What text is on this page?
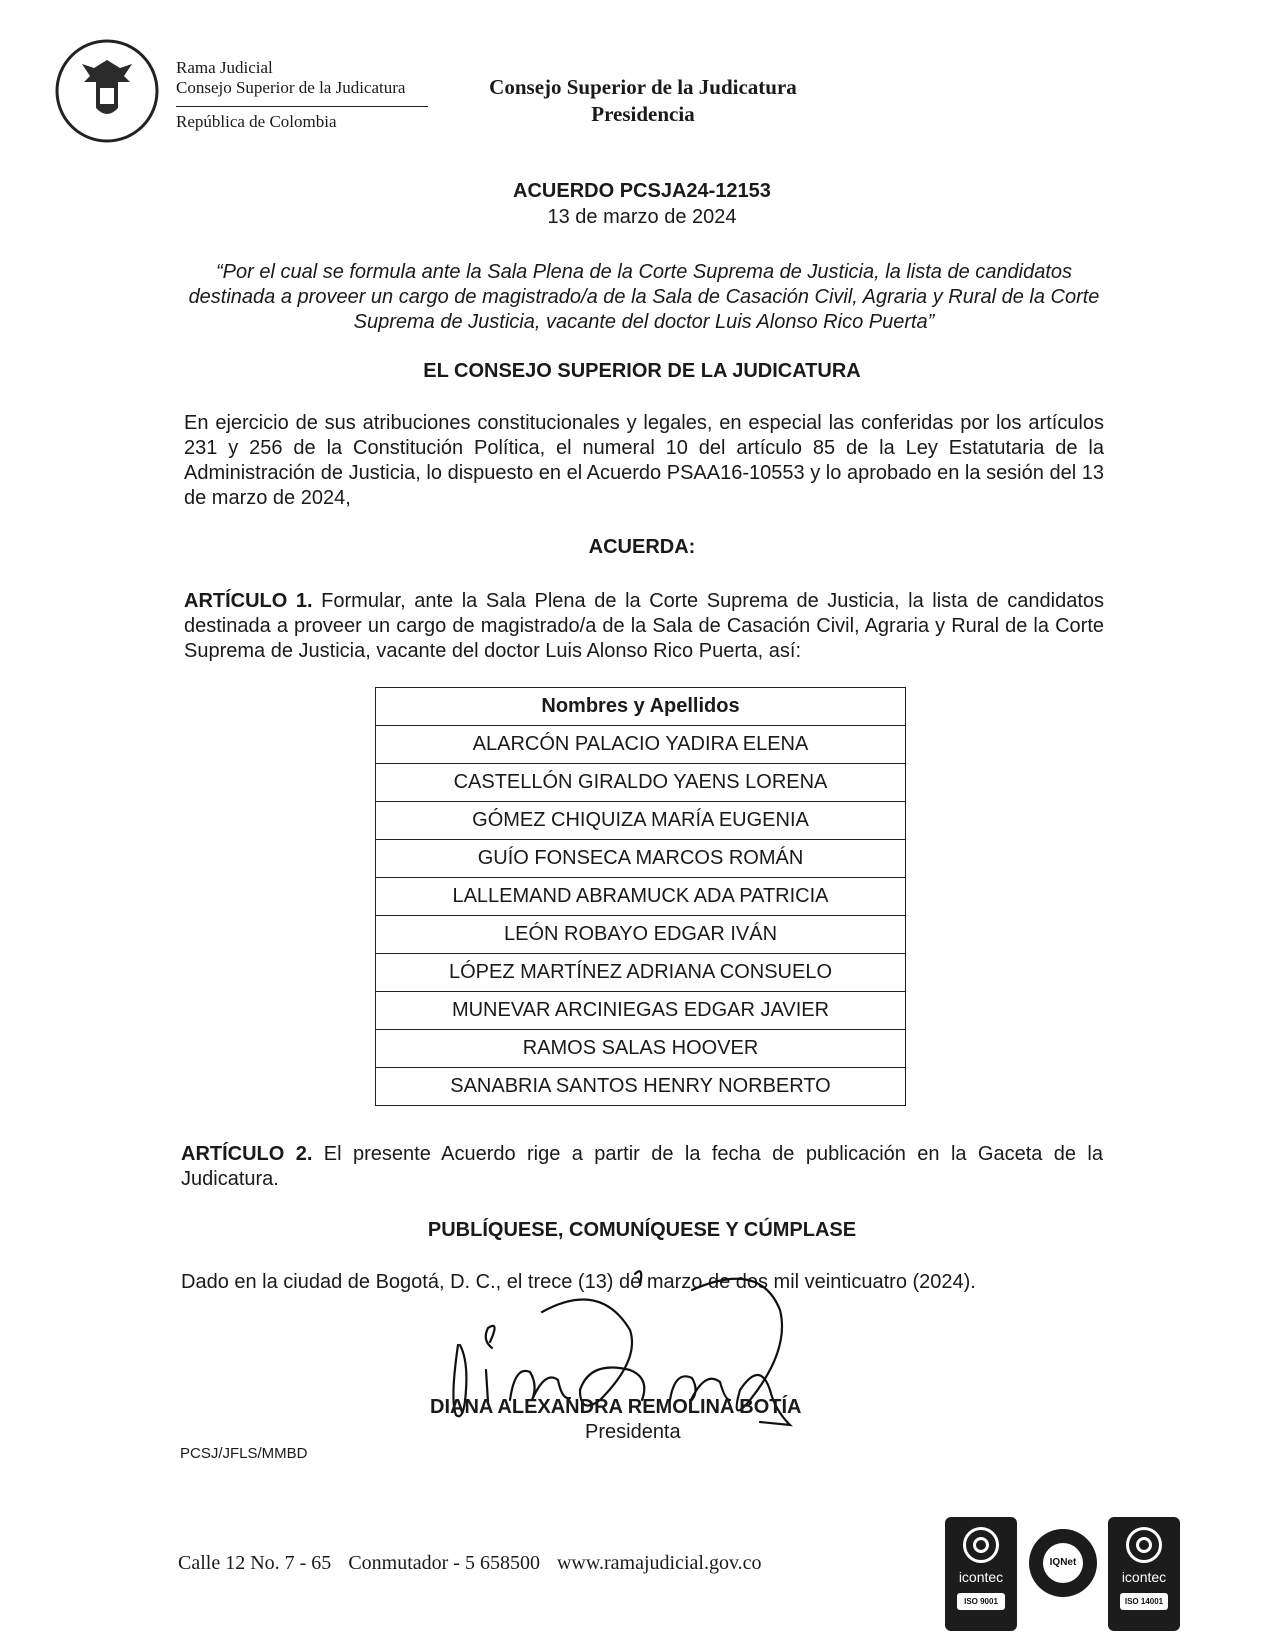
Rama Judicial
Consejo Superior de la Judicatura
República de Colombia
Consejo Superior de la Judicatura
Presidencia
ACUERDO PCSJA24-12153
13 de marzo de 2024
“Por el cual se formula ante la Sala Plena de la Corte Suprema de Justicia, la lista de candidatos destinada a proveer un cargo de magistrado/a de la Sala de Casación Civil, Agraria y Rural de la Corte Suprema de Justicia, vacante del doctor Luis Alonso Rico Puerta”
EL CONSEJO SUPERIOR DE LA JUDICATURA
En ejercicio de sus atribuciones constitucionales y legales, en especial las conferidas por los artículos 231 y 256 de la Constitución Política, el numeral 10 del artículo 85 de la Ley Estatutaria de la Administración de Justicia, lo dispuesto en el Acuerdo PSAA16-10553 y lo aprobado en la sesión del 13 de marzo de 2024,
ACUERDA:
ARTÍCULO 1. Formular, ante la Sala Plena de la Corte Suprema de Justicia, la lista de candidatos destinada a proveer un cargo de magistrado/a de la Sala de Casación Civil, Agraria y Rural de la Corte Suprema de Justicia, vacante del doctor Luis Alonso Rico Puerta, así:
Nombres y Apellidos
ALARCÓN PALACIO YADIRA ELENA
CASTELLÓN GIRALDO YAENS LORENA
GÓMEZ CHIQUIZA MARÍA EUGENIA
GUÍO FONSECA MARCOS ROMÁN
LALLEMAND ABRAMUCK ADA PATRICIA
LEÓN ROBAYO EDGAR IVÁN
LÓPEZ MARTÍNEZ ADRIANA CONSUELO
MUNEVAR ARCINIEGAS EDGAR JAVIER
RAMOS SALAS HOOVER
SANABRIA SANTOS HENRY NORBERTO
ARTÍCULO 2. El presente Acuerdo rige a partir de la fecha de publicación en la Gaceta de la Judicatura.
PUBLÍQUESE, COMUNÍQUESE Y CÚMPLASE
Dado en la ciudad de Bogotá, D. C., el trece (13) de marzo de dos mil veinticuatro (2024).
DIANA ALEXANDRA REMOLINA BOTÍA
Presidenta
PCSJ/JFLS/MMBD
Calle 12 No. 7 - 65 Conmutador - 5 658500 www.ramajudicial.gov.co
icontec
ISO 9001
IQNet
icontec
ISO 14001
